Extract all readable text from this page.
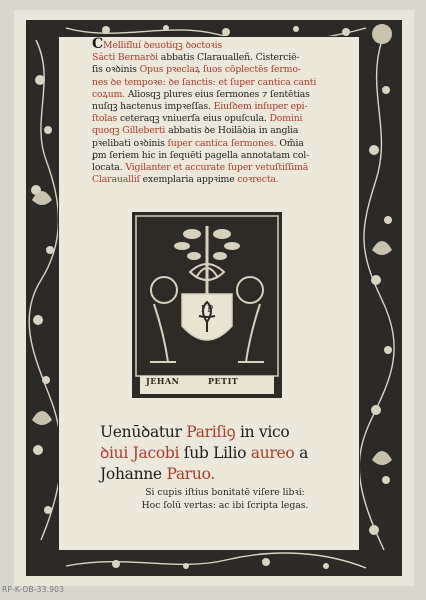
CMellifluí ꝺeuotiqꝫ ꝺoctoꝛis
Sácti Bernarꝺi abbatis Claraualleñ. Cisterciē-
ſis oꝛꝺinis Opus pꝛeclaꝝ ſuos cōplectēs ſermo-
nes ꝺe tempoꝛe: ꝺe ſanctis: et ſuper cantica canti
coꝝum. Aliosqꝫ plures eius ſermones ⁊ ſentētias
nuſqꝫ hactenus impꝛeſſas. Eiuſꝺem inſuper epi-
ſtolas ceteraqꝫ vniuerſa eius opuſcula. Domini
quoqꝫ Gilleberti abbatis ꝺe Hoilāꝺia in anglia
pꝛelibati oꝛꝺinis ſuper cantica ſermones. Om̄ia
ꝑm ſeriem hic in ſequēti pagella annotatam col-
locata. Vigilanter et accurate ſuper vetuſtiſſimā
Claraualliſ exemplaria appꝛime coꝛrecta.
I P
JEHAN	PETIT
Uenūꝺatur Pariſiꝯ in vico
ꝺiui Jacobi ſub Lilio aureo a
Johanne Paruo.
Si cupis iſtius bonitatē viſere libꝛi:
Hoc ſolū vertas: ac ibi ſcripta legas.
RP-K-OB-33.903
